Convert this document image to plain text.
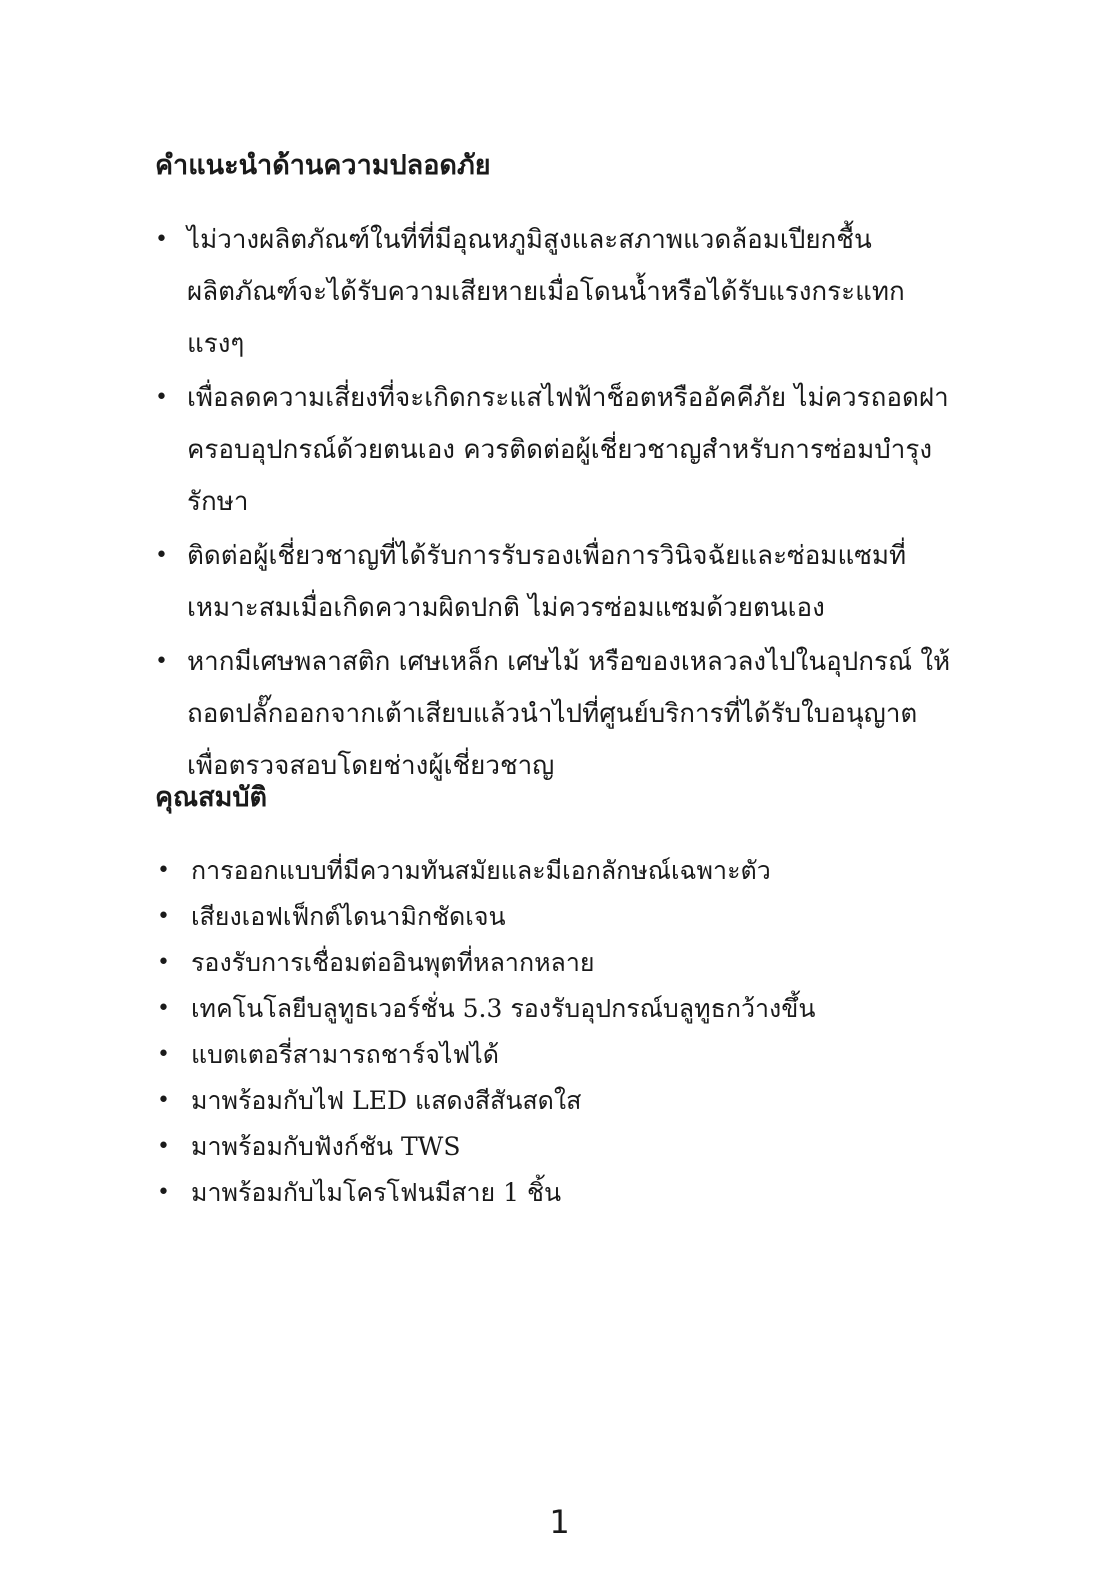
คำแนะนำด้านความปลอดภัย
• ไม่วางผลิตภัณฑ์ในที่ที่มีอุณหภูมิสูงและสภาพแวดล้อมเปียกชื้น ผลิตภัณฑ์จะได้รับความเสียหายเมื่อโดนน้ำหรือได้รับแรงกระแทกแรงๆ
• เพื่อลดความเสี่ยงที่จะเกิดกระแสไฟฟ้าช็อตหรืออัคคีภัย ไม่ควรถอดฝาครอบอุปกรณ์ด้วยตนเอง ควรติดต่อผู้เชี่ยวชาญสำหรับการซ่อมบำรุงรักษา
• ติดต่อผู้เชี่ยวชาญที่ได้รับการรับรองเพื่อการวินิจฉัยและซ่อมแซมที่เหมาะสมเมื่อเกิดความผิดปกติ ไม่ควรซ่อมแซมด้วยตนเอง
• หากมีเศษพลาสติก เศษเหล็ก เศษไม้ หรือของเหลวลงไปในอุปกรณ์ ให้ถอดปลั๊กออกจากเต้าเสียบแล้วนำไปที่ศูนย์บริการที่ได้รับใบอนุญาต เพื่อตรวจสอบโดยช่างผู้เชี่ยวชาญ
คุณสมบัติ
• การออกแบบที่มีความทันสมัยและมีเอกลักษณ์เฉพาะตัว
• เสียงเอฟเฟ็กต์ไดนามิกชัดเจน
• รองรับการเชื่อมต่ออินพุตที่หลากหลาย
• เทคโนโลยีบลูทูธเวอร์ชั่น 5.3 รองรับอุปกรณ์บลูทูธกว้างขึ้น
• แบตเตอรี่สามารถชาร์จไฟได้
• มาพร้อมกับไฟ LED แสดงสีสันสดใส
• มาพร้อมกับฟังก์ชัน TWS
• มาพร้อมกับไมโครโฟนมีสาย 1 ชิ้น
1
